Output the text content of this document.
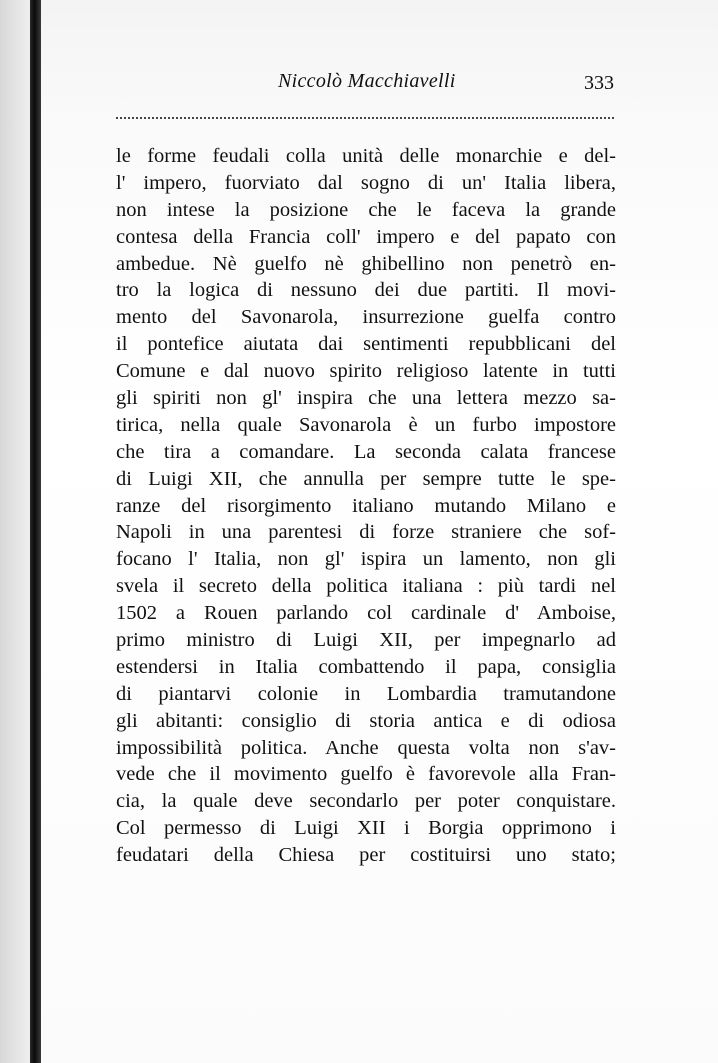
Niccolò Macchiavelli	333
le forme feudali colla unità delle monarchie e del-
l' impero, fuorviato dal sogno di un' Italia libera,
non intese la posizione che le faceva la grande
contesa della Francia coll' impero e del papato con
ambedue. Nè guelfo nè ghibellino non penetrò en-
tro la logica di nessuno dei due partiti. Il movi-
mento del Savonarola, insurrezione guelfa contro
il pontefice aiutata dai sentimenti repubblicani del
Comune e dal nuovo spirito religioso latente in tutti
gli spiriti non gl' inspira che una lettera mezzo sa-
tirica, nella quale Savonarola è un furbo impostore
che tira a comandare. La seconda calata francese
di Luigi XII, che annulla per sempre tutte le spe-
ranze del risorgimento italiano mutando Milano e
Napoli in una parentesi di forze straniere che sof-
focano l' Italia, non gl' ispira un lamento, non gli
svela il secreto della politica italiana : più tardi nel
1502 a Rouen parlando col cardinale d' Amboise,
primo ministro di Luigi XII, per impegnarlo ad
estendersi in Italia combattendo il papa, consiglia
di piantarvi colonie in Lombardia tramutandone
gli abitanti: consiglio di storia antica e di odiosa
impossibilità politica. Anche questa volta non s'av-
vede che il movimento guelfo è favorevole alla Fran-
cia, la quale deve secondarlo per poter conquistare.
Col permesso di Luigi XII i Borgia opprimono i
feudatari della Chiesa per costituirsi uno stato;
